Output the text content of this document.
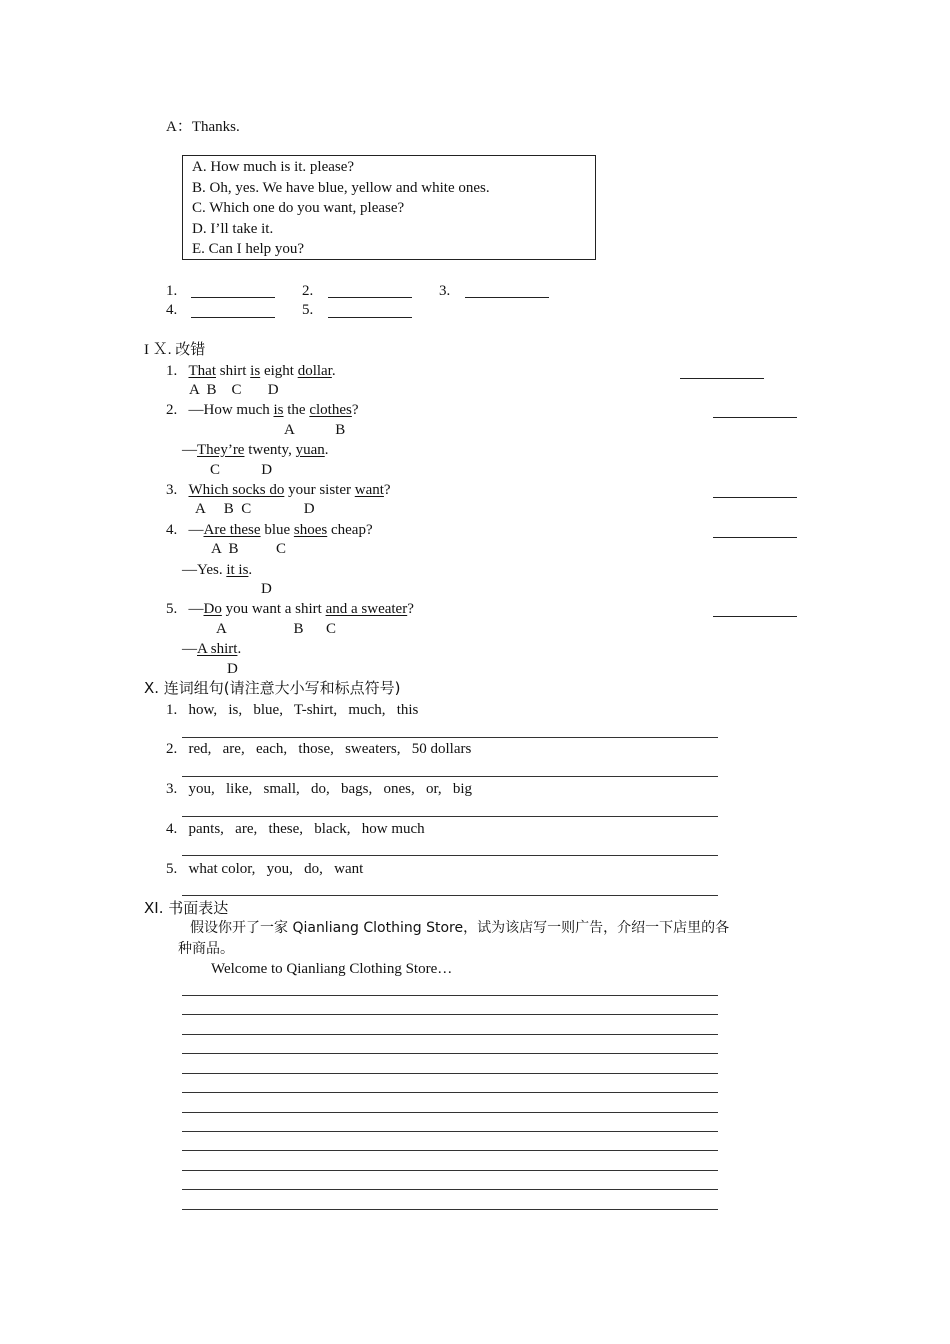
A：Thanks.
A. How much is it. please?
B. Oh, yes. We have blue, yellow and white ones.
C. Which one do you want, please?
D. I’ll take it.
E. Can I help you?
1.	2.	3.
4.	5.
I Ｘ. 改错
1. That shirt is eight dollar.
A  B    C       D
2. —How much is the clothes?
A           B
—They’re twenty, yuan.
C           D
3. Which socks do your sister want?
A     B  C              D
4. —Are these blue shoes cheap?
A  B          C
—Yes. it is.
D
5. —Do you want a shirt and a sweater?
A                  B      C
—A shirt.
D
X. 连词组句(请注意大小写和标点符号)
1. how,   is,   blue,   T-shirt,   much,   this
2. red,   are,   each,   those,   sweaters,   50 dollars
3. you,   like,   small,   do,   bags,   ones,   or,   big
4. pants,   are,   these,   black,   how much
5. what color,   you,   do,   want
XI. 书面表达
假设你开了一家 Qianliang Clothing Store，试为该店写一则广告，介绍一下店里的各
种商品。
Welcome to Qianliang Clothing Store…
